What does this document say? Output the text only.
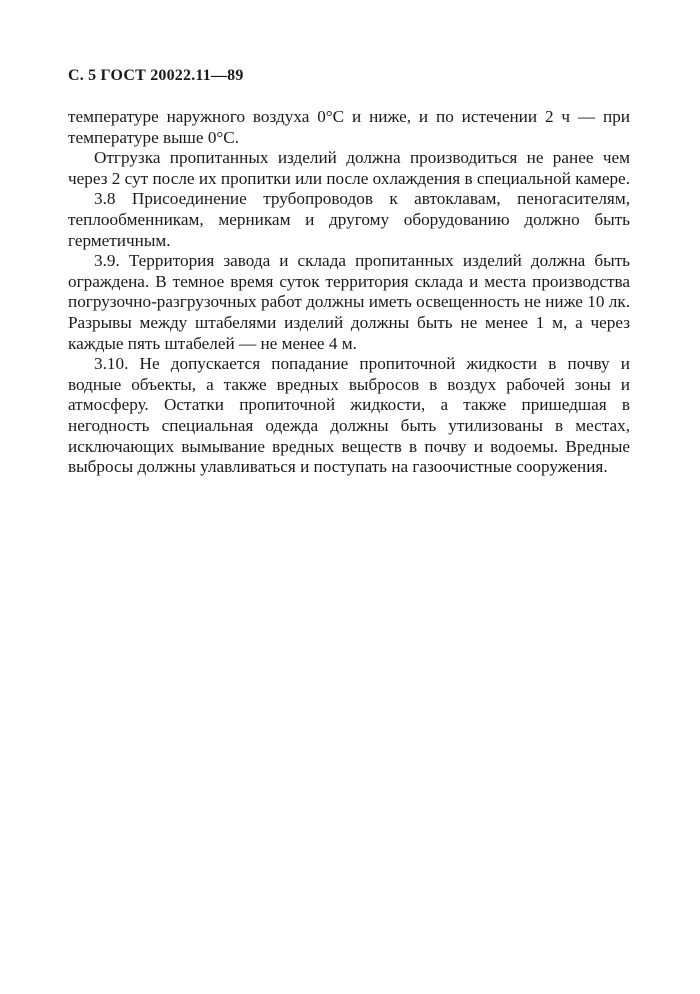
С. 5 ГОСТ 20022.11—89

температуре наружного воздуха 0°С и ниже, и по истечении 2 ч — при температуре выше 0°С.

Отгрузка пропитанных изделий должна производиться не ранее чем через 2 сут после их пропитки или после охлаждения в специальной камере.

3.8 Присоединение трубопроводов к автоклавам, пеногасителям, теплообменникам, мерникам и другому оборудованию должно быть герметичным.

3.9. Территория завода и склада пропитанных изделий должна быть ограждена. В темное время суток территория склада и места производства погрузочно-разгрузочных работ должны иметь освещенность не ниже 10 лк. Разрывы между штабелями изделий должны быть не менее 1 м, а через каждые пять штабелей — не менее 4 м.

3.10. Не допускается попадание пропиточной жидкости в почву и водные объекты, а также вредных выбросов в воздух рабочей зоны и атмосферу. Остатки пропиточной жидкости, а также пришедшая в негодность специальная одежда должны быть утилизованы в местах, исключающих вымывание вредных веществ в почву и водоемы. Вредные выбросы должны улавливаться и поступать на газоочистные сооружения.
